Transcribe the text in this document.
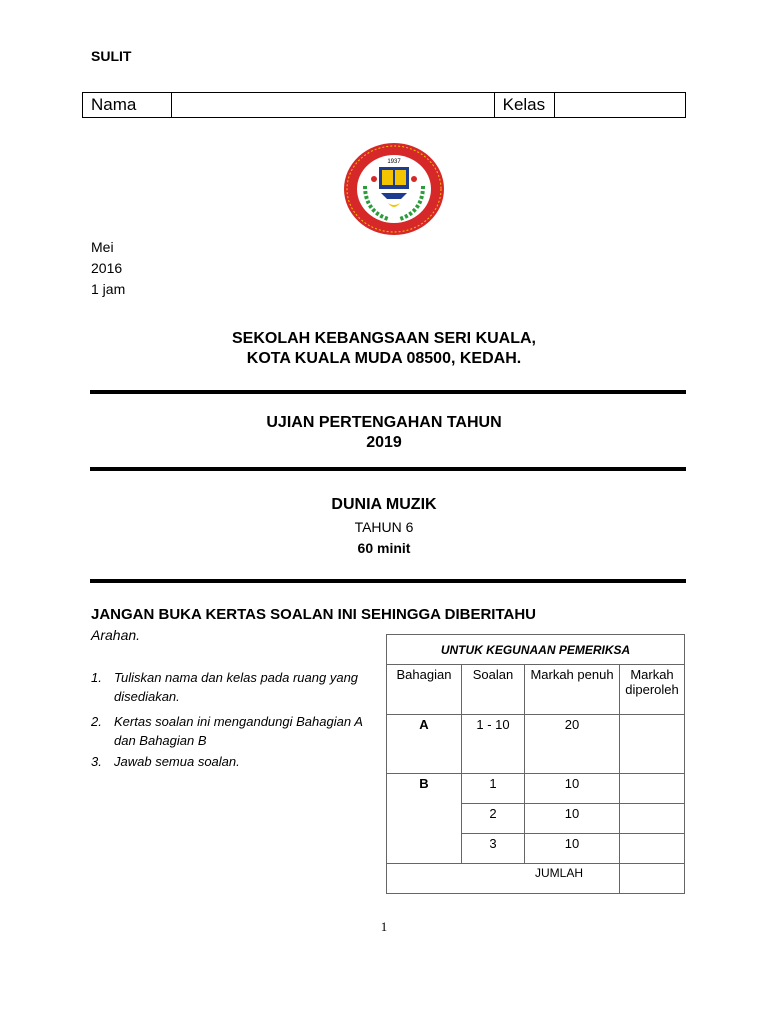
SULIT
Nama	Kelas
1937
Mei
2016
1 jam
SEKOLAH KEBANGSAAN SERI KUALA,
KOTA KUALA MUDA 08500, KEDAH.
UJIAN PERTENGAHAN TAHUN
2019
DUNIA MUZIK
TAHUN 6
60 minit
JANGAN BUKA KERTAS SOALAN INI SEHINGGA DIBERITAHU
Arahan.
1. Tuliskan nama dan kelas pada ruang yang disediakan.
2. Kertas soalan ini mengandungi Bahagian A dan Bahagian B
3. Jawab semua soalan.
UNTUK KEGUNAAN PEMERIKSA			
Bahagian	Soalan	Markah penuh	Markah diperoleh
A	1 - 10	20	
B	1	10	
	2	10	
	3	10	
JUMLAH			
1
